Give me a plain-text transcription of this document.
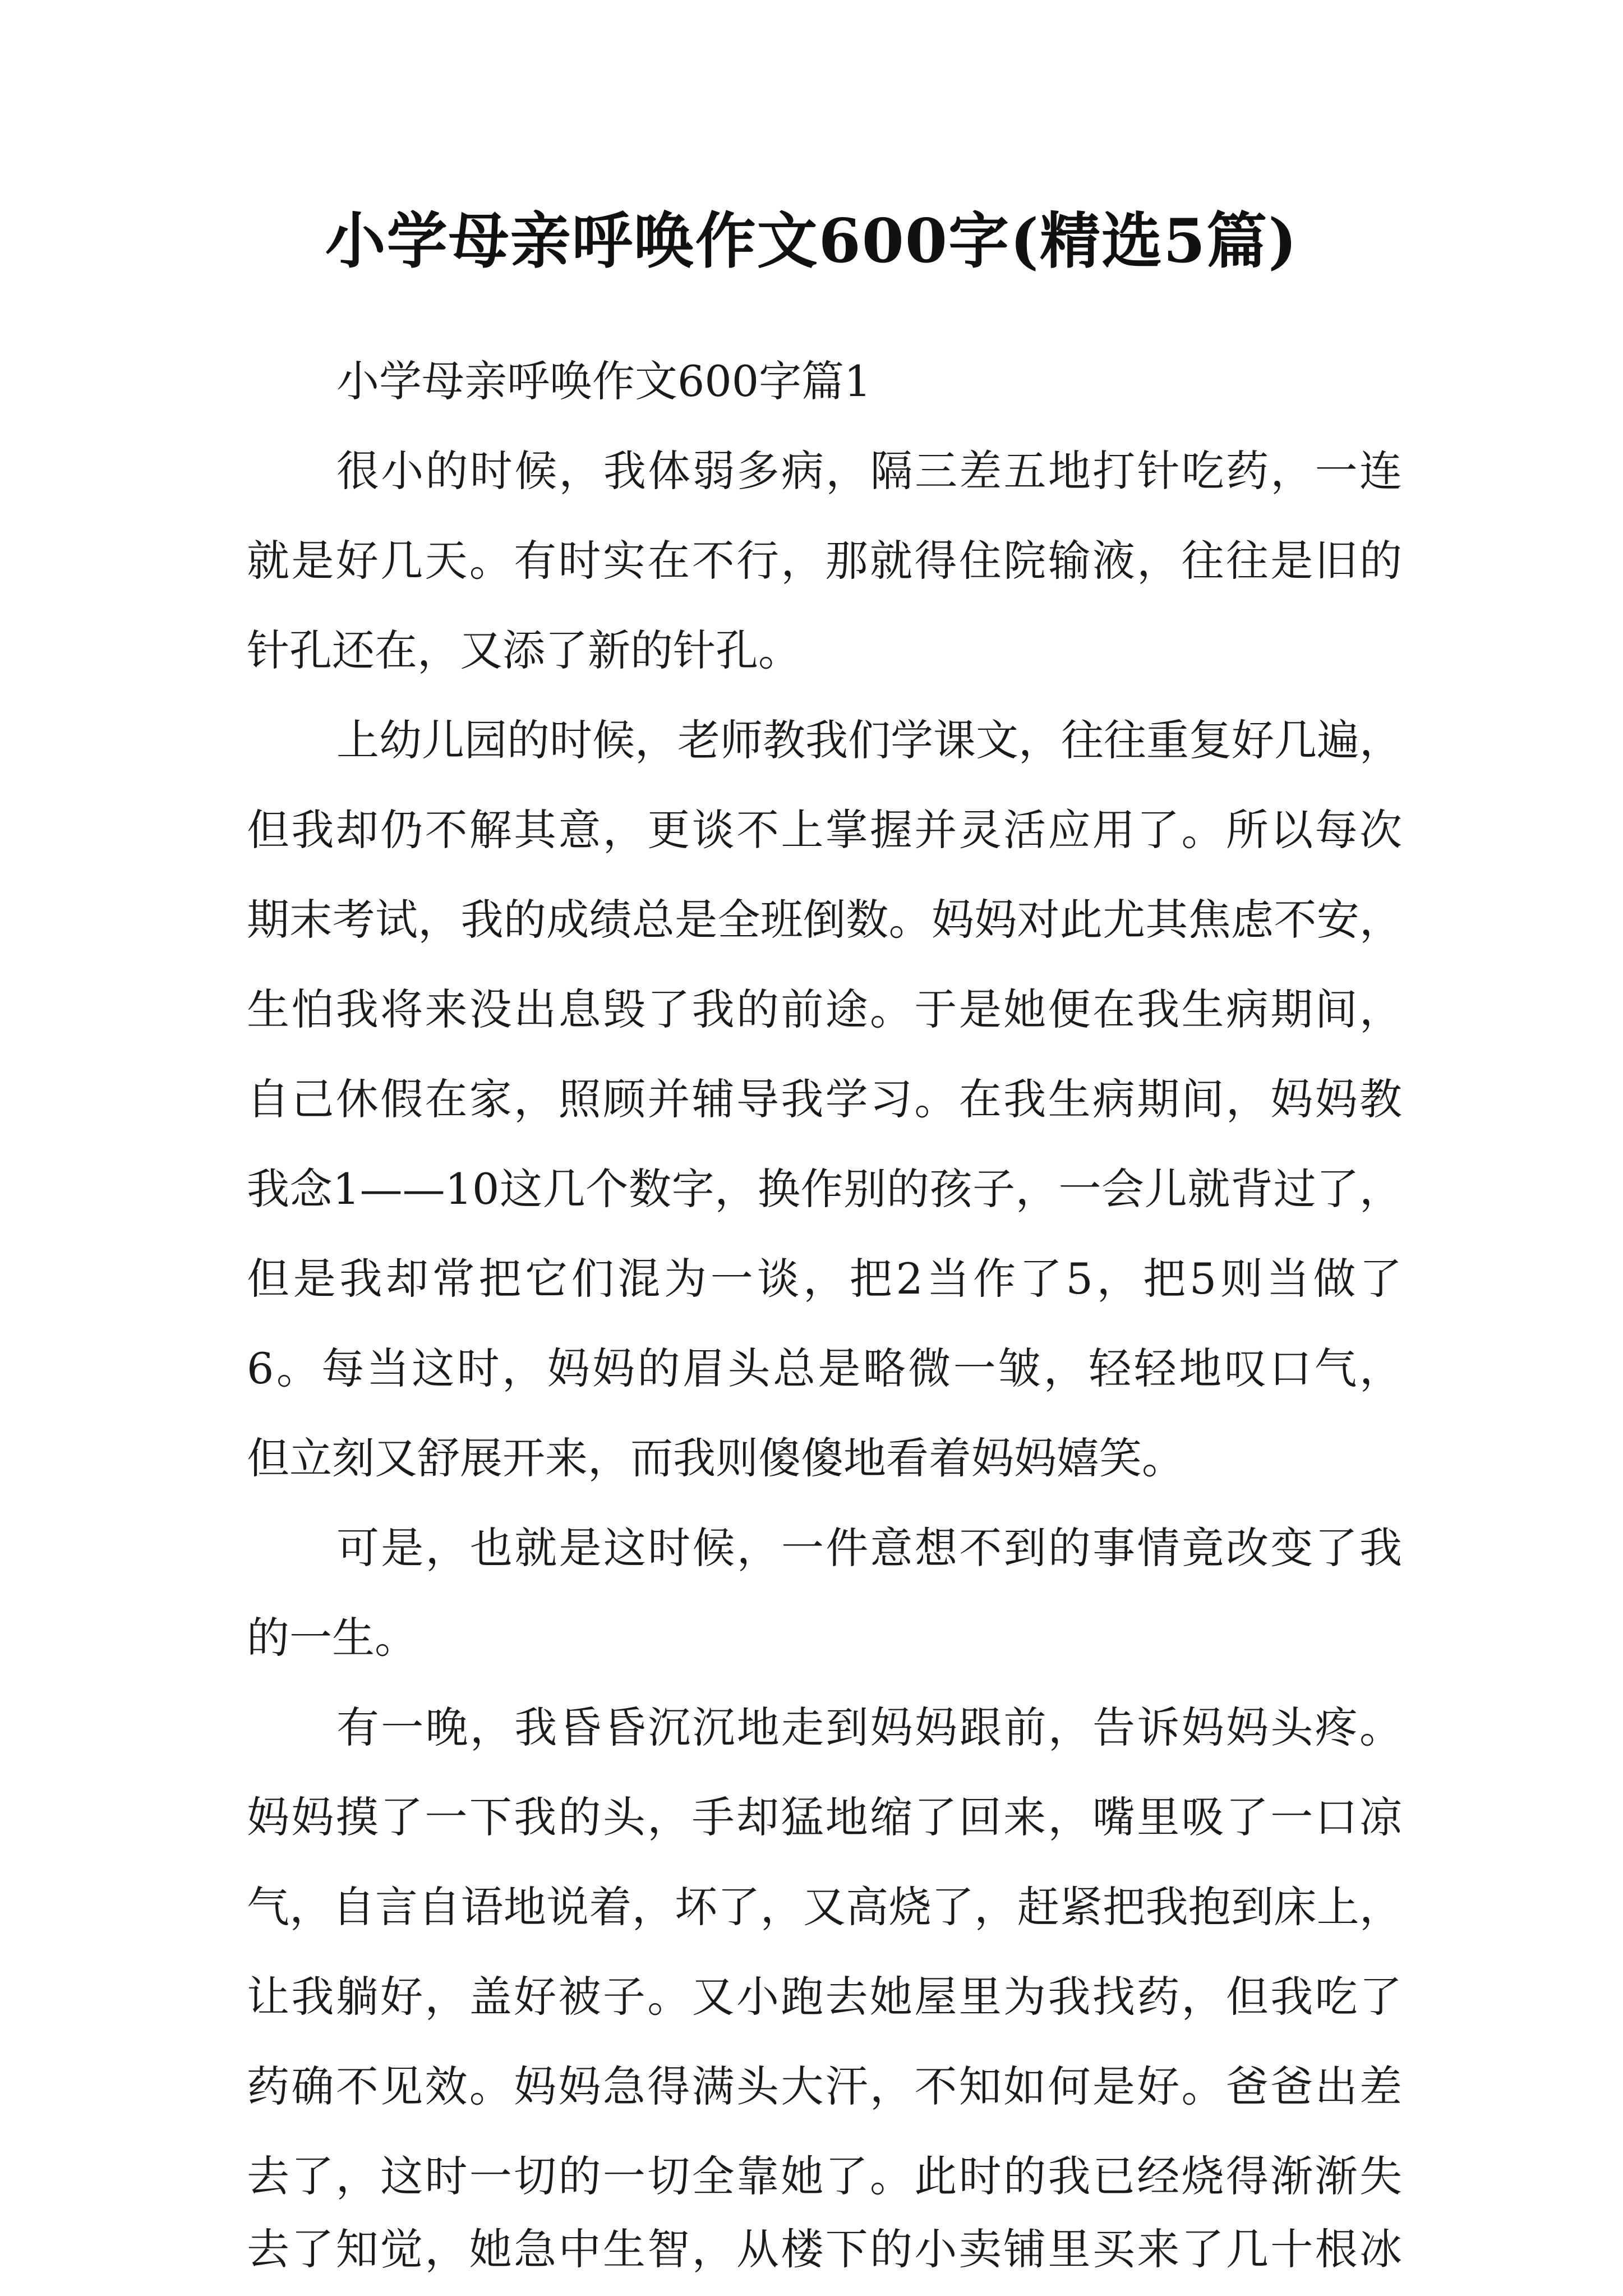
小学母亲呼唤作文600字(精选5篇)
小学母亲呼唤作文600字篇1
很小的时候，我体弱多病，隔三差五地打针吃药，一连
就是好几天。有时实在不行，那就得住院输液，往往是旧的
针孔还在，又添了新的针孔。
上幼儿园的时候，老师教我们学课文，往往重复好几遍，
但我却仍不解其意，更谈不上掌握并灵活应用了。所以每次
期末考试，我的成绩总是全班倒数。妈妈对此尤其焦虑不安，
生怕我将来没出息毁了我的前途。于是她便在我生病期间，
自己休假在家，照顾并辅导我学习。在我生病期间，妈妈教
我念1——10这几个数字，换作别的孩子，一会儿就背过了，
但是我却常把它们混为一谈，把2当作了5，把5则当做了
6。每当这时，妈妈的眉头总是略微一皱，轻轻地叹口气，
但立刻又舒展开来，而我则傻傻地看着妈妈嬉笑。
可是，也就是这时候，一件意想不到的事情竟改变了我
的一生。
有一晚，我昏昏沉沉地走到妈妈跟前，告诉妈妈头疼。
妈妈摸了一下我的头，手却猛地缩了回来，嘴里吸了一口凉
气，自言自语地说着，坏了，又高烧了，赶紧把我抱到床上，
让我躺好，盖好被子。又小跑去她屋里为我找药，但我吃了
药确不见效。妈妈急得满头大汗，不知如何是好。爸爸出差
去了，这时一切的一切全靠她了。此时的我已经烧得渐渐失
去了知觉，她急中生智，从楼下的小卖铺里买来了几十根冰
